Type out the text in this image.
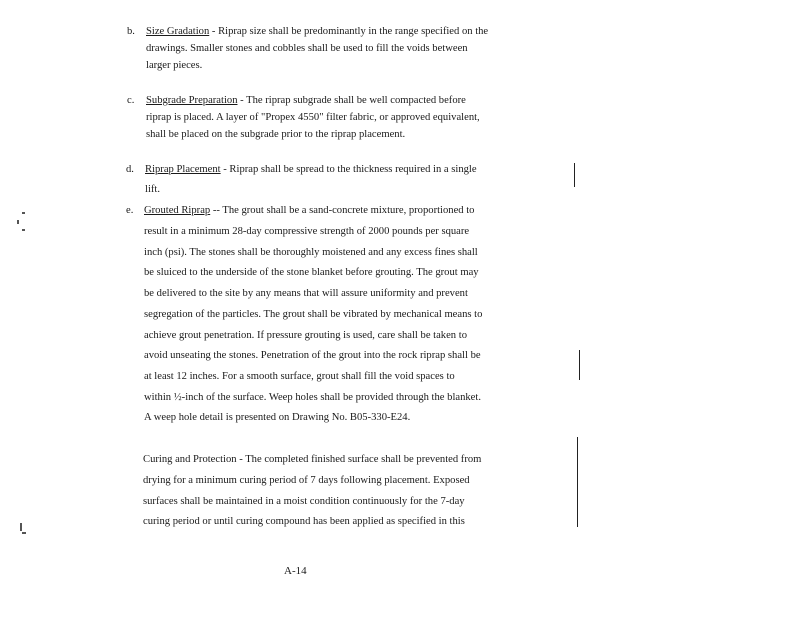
b. Size Gradation - Riprap size shall be predominantly in the range specified on the
drawings. Smaller stones and cobbles shall be used to fill the voids between
larger pieces.
c. Subgrade Preparation - The riprap subgrade shall be well compacted before
riprap is placed. A layer of "Propex 4550" filter fabric, or approved equivalent,
shall be placed on the subgrade prior to the riprap placement.
d. Riprap Placement - Riprap shall be spread to the thickness required in a single
lift.
e. Grouted Riprap -- The grout shall be a sand-concrete mixture, proportioned to
result in a minimum 28-day compressive strength of 2000 pounds per square
inch (psi). The stones shall be thoroughly moistened and any excess fines shall
be sluiced to the underside of the stone blanket before grouting. The grout may
be delivered to the site by any means that will assure uniformity and prevent
segregation of the particles. The grout shall be vibrated by mechanical means to
achieve grout penetration. If pressure grouting is used, care shall be taken to
avoid unseating the stones. Penetration of the grout into the rock riprap shall be
at least 12 inches. For a smooth surface, grout shall fill the void spaces to
within ½-inch of the surface. Weep holes shall be provided through the blanket.
A weep hole detail is presented on Drawing No. B05-330-E24.
Curing and Protection - The completed finished surface shall be prevented from
drying for a minimum curing period of 7 days following placement. Exposed
surfaces shall be maintained in a moist condition continuously for the 7-day
curing period or until curing compound has been applied as specified in this
A-14
